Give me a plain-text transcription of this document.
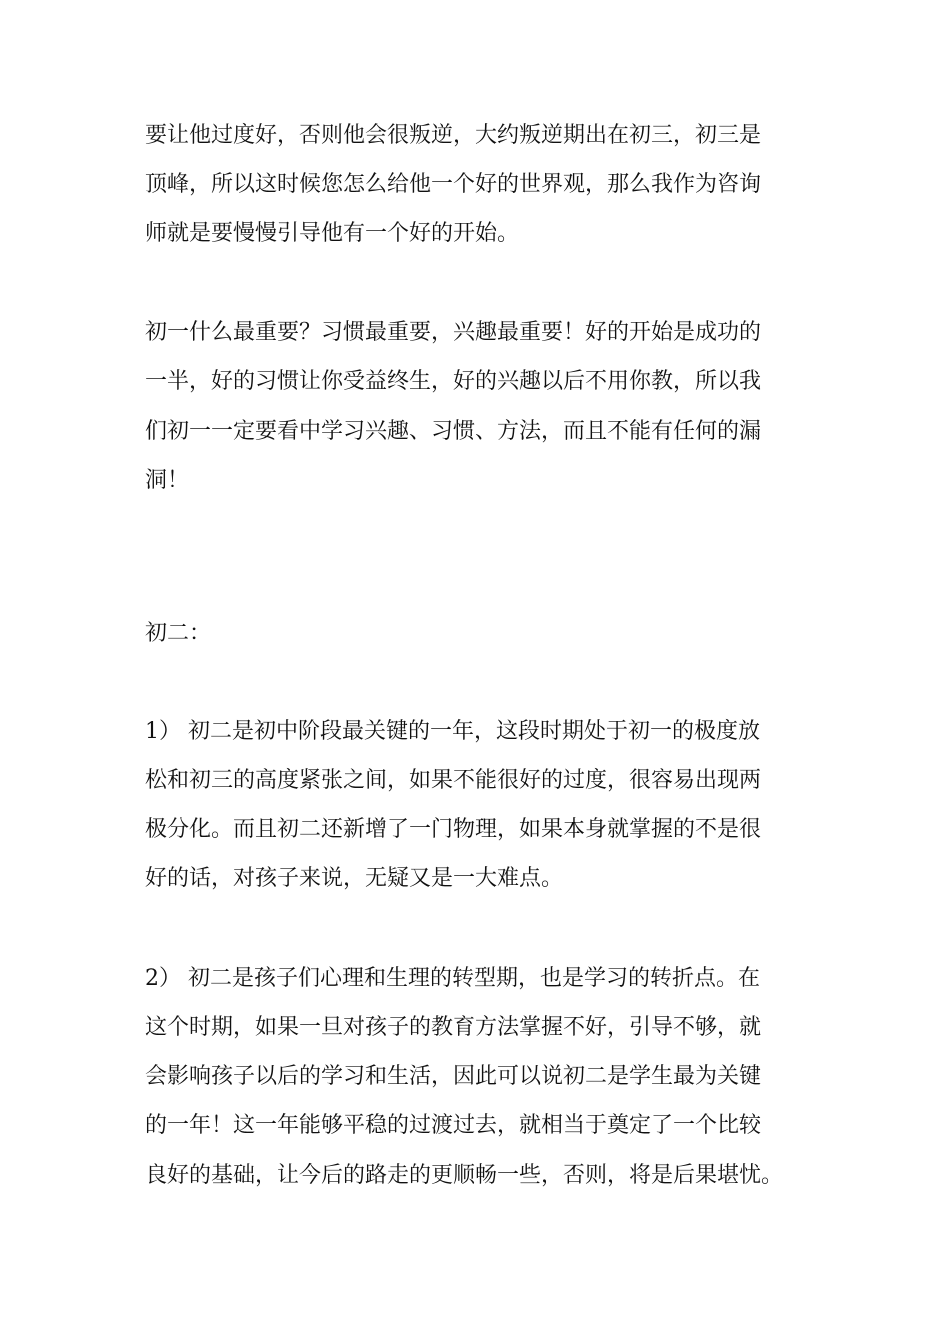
要让他过度好，否则他会很叛逆，大约叛逆期出在初三，初三是

顶峰，所以这时候您怎么给他一个好的世界观，那么我作为咨询

师就是要慢慢引导他有一个好的开始。

初一什么最重要？习惯最重要，兴趣最重要！好的开始是成功的

一半，好的习惯让你受益终生，好的兴趣以后不用你教，所以我

们初一一定要看中学习兴趣、习惯、方法，而且不能有任何的漏

洞！

初二：

1） 初二是初中阶段最关键的一年，这段时期处于初一的极度放

松和初三的高度紧张之间，如果不能很好的过度，很容易出现两

极分化。而且初二还新增了一门物理，如果本身就掌握的不是很

好的话，对孩子来说，无疑又是一大难点。

2） 初二是孩子们心理和生理的转型期，也是学习的转折点。在

这个时期，如果一旦对孩子的教育方法掌握不好，引导不够，就

会影响孩子以后的学习和生活，因此可以说初二是学生最为关键

的一年！这一年能够平稳的过渡过去，就相当于奠定了一个比较

良好的基础，让今后的路走的更顺畅一些，否则，将是后果堪忧。
